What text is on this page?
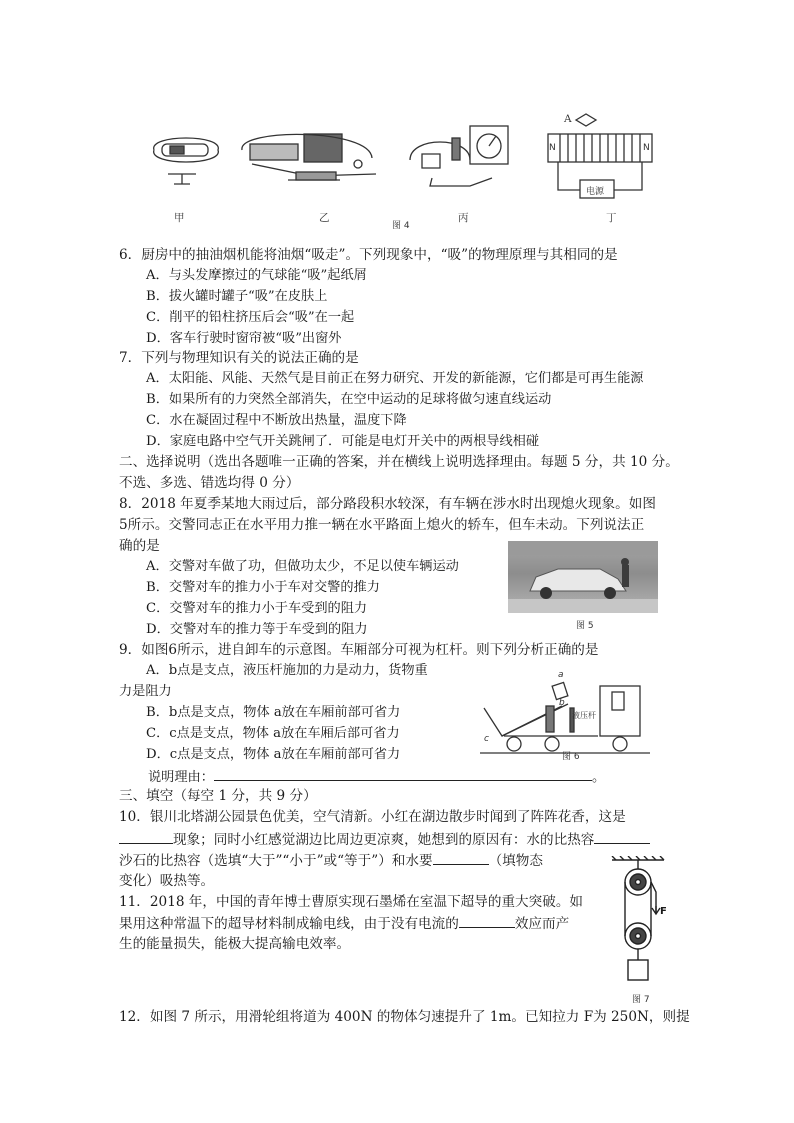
甲	乙	丙	丁
A
N	N
电源
图 4
6．厨房中的抽油烟机能将油烟“吸走”。下列现象中，“吸”的物理原理与其相同的是
A．与头发摩擦过的气球能“吸”起纸屑
B．拔火罐时罐子“吸”在皮肤上
C．削平的铅柱挤压后会“吸”在一起
D．客车行驶时窗帘被“吸”出窗外
7．下列与物理知识有关的说法正确的是
A．太阳能、风能、天然气是目前正在努力研究、开发的新能源，它们都是可再生能源
B．如果所有的力突然全部消失，在空中运动的足球将做匀速直线运动
C．水在凝固过程中不断放出热量，温度下降
D．家庭电路中空气开关跳闸了．可能是电灯开关中的两根导线相碰
二、选择说明（选出各题唯一正确的答案，并在横线上说明选择理由。每题 5 分，共 10 分。
不选、多选、错选均得 0 分）
8．2018 年夏季某地大雨过后，部分路段积水较深，有车辆在涉水时出现熄火现象。如图
5所示。交警同志正在水平用力推一辆在水平路面上熄火的轿车，但车未动。下列说法正
确的是
A．交警对车做了功，但做功太少，不足以使车辆运动
B．交警对车的推力小于车对交警的推力
C．交警对车的推力小于车受到的阻力
D．交警对车的推力等于车受到的阻力	图 5
9．如图6所示，进自卸车的示意图。车厢部分可视为杠杆。则下列分析正确的是
A．b点是支点，液压杆施加的力是动力，货物重
力是阻力
B．b点是支点，物体 a放在车厢前部可省力
C．c点是支点，物体 a放在车厢后部可省力
D．c点是支点，物体 a放在车厢前部可省力
说明理由：	。
a
b
c
液压杆
图 6
三、填空（每空 1 分，共 9 分）
10．银川北塔湖公园景色优美，空气清新。小红在湖边散步时闻到了阵阵花香，这是
现象；同时小红感觉湖边比周边更凉爽，她想到的原因有：水的比热容
沙石的比热容（选填“大于”“小于”或“等于”）和水要	（填物态
变化）吸热等。
11．2018 年，中国的青年博士曹原实现石墨烯在室温下超导的重大突破。如
果用这种常温下的超导材料制成输电线，由于没有电流的	效应而产
生的能量损失，能极大提高输电效率。
F
图 7
12．如图 7 所示，用滑轮组将道为 400N 的物体匀速提升了 1m。已知拉力 F为 250N，则提
